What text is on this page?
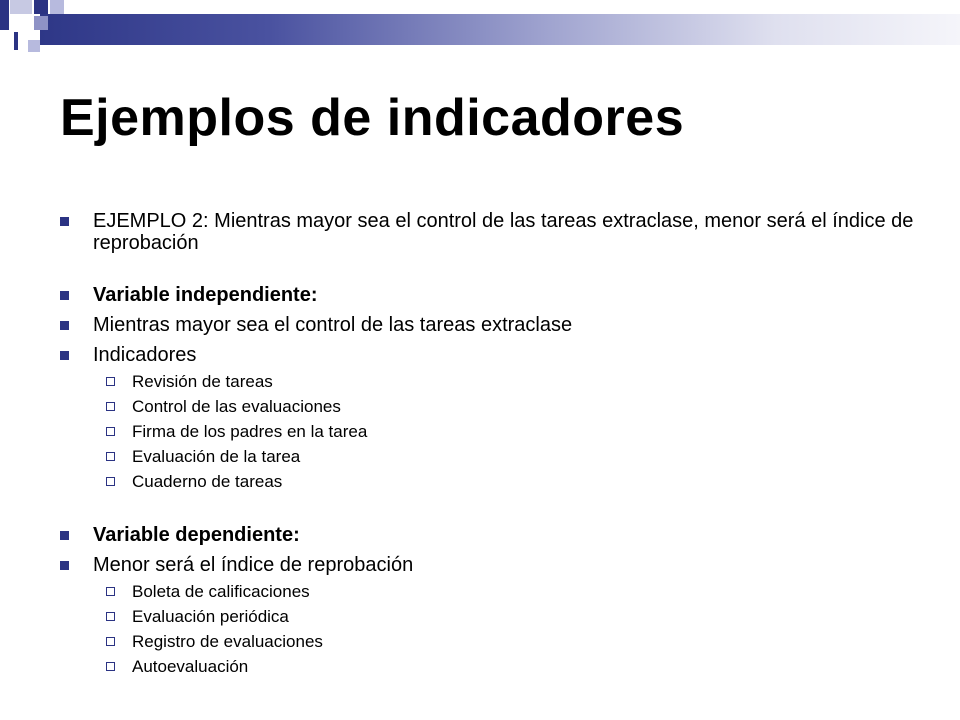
Ejemplos de indicadores
EJEMPLO 2: Mientras mayor sea el control de las tareas extraclase, menor será el índice de reprobación
Variable independiente:
Mientras mayor sea el control de las tareas extraclase
Indicadores
Revisión de tareas
Control de las evaluaciones
Firma de los padres en la tarea
Evaluación de la tarea
Cuaderno de tareas
Variable dependiente:
Menor será el índice de reprobación
Boleta de calificaciones
Evaluación periódica
Registro de evaluaciones
Autoevaluación
